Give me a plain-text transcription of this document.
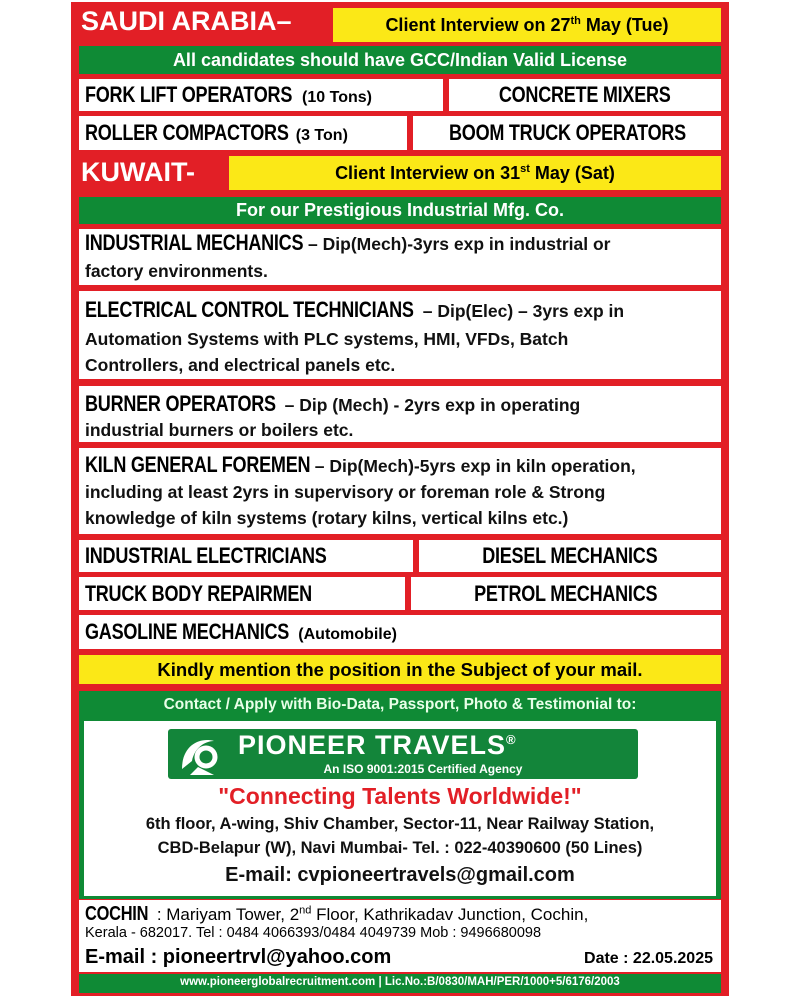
SAUDI ARABIA–	Client Interview on 27th May (Tue)
All candidates should have GCC/Indian Valid License
FORK LIFT OPERATORS (10 Tons)	CONCRETE MIXERS
ROLLER COMPACTORS (3 Ton)	BOOM TRUCK OPERATORS
KUWAIT-	Client Interview on 31st May (Sat)
For our Prestigious Industrial Mfg. Co.
INDUSTRIAL MECHANICS – Dip(Mech)-3yrs exp in industrial or
factory environments.
ELECTRICAL CONTROL TECHNICIANS – Dip(Elec) – 3yrs exp in
Automation Systems with PLC systems, HMI, VFDs, Batch
Controllers, and electrical panels etc.
BURNER OPERATORS – Dip (Mech) - 2yrs exp in operating
industrial burners or boilers etc.
KILN GENERAL FOREMEN – Dip(Mech)-5yrs exp in kiln operation,
including at least 2yrs in supervisory or foreman role & Strong
knowledge of kiln systems (rotary kilns, vertical kilns etc.)
INDUSTRIAL ELECTRICIANS	DIESEL MECHANICS
TRUCK BODY REPAIRMEN	PETROL MECHANICS
GASOLINE MECHANICS (Automobile)
Kindly mention the position in the Subject of your mail.
Contact / Apply with Bio-Data, Passport, Photo & Testimonial to:
PIONEER TRAVELS®
An ISO 9001:2015 Certified Agency
"Connecting Talents Worldwide!"
6th floor, A-wing, Shiv Chamber, Sector-11, Near Railway Station,
CBD-Belapur (W), Navi Mumbai- Tel. : 022-40390600 (50 Lines)
E-mail: cvpioneertravels@gmail.com
COCHIN : Mariyam Tower, 2nd Floor, Kathrikadav Junction, Cochin,
Kerala - 682017. Tel : 0484 4066393/0484 4049739 Mob : 9496680098
E-mail : pioneertrvl@yahoo.com	Date : 22.05.2025
www.pioneerglobalrecruitment.com | Lic.No.:B/0830/MAH/PER/1000+5/6176/2003
